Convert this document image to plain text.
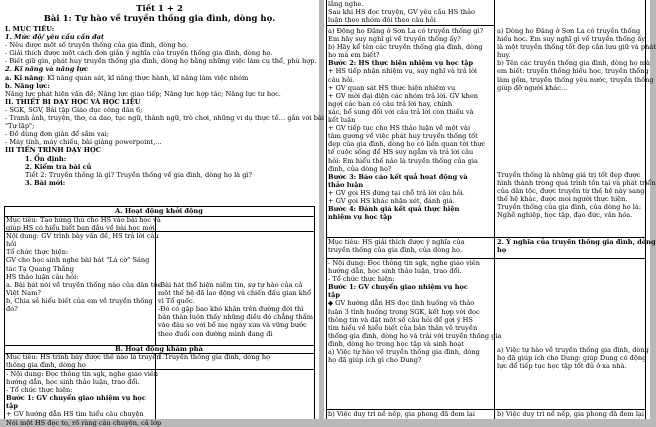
Tiết 1 + 2
Bài 1: Tự hào về truyền thống gia đình, dòng họ.
I. MỤC TIÊU:
1. Mức độ/ yêu cầu cần đạt
- Nêu được một số truyền thống của gia đình, dòng họ.
- Giải thích được một cách đơn giản ý nghĩa của truyền thống gia đình, dòng họ.
- Biết giữ gìn, phát huy truyền thống gia đình, dòng họ bằng những việc làm cụ thể, phù hợp.
2. Kĩ năng và năng lực
a. Kĩ năng: Kĩ năng quan sát, kĩ năng thực hành, kĩ năng làm việc nhóm
b. Năng lực:
Năng lực phát hiện vấn đề; Năng lực giao tiếp; Năng lực hợp tác; Năng lực tư học.
II. THIẾT BỊ DẠY HỌC VÀ HỌC LIỆU
- SGK, SGV, Bài tập Giáo dục công dân 6;
- Tranh ảnh, truyện, thơ, ca dao, tục ngữ, thành ngữ, trò chơi, những vi dụ thực tế… gắn với bài
"Tự lập";
- Đồ dùng đơn giản để sắm vai;
- Máy tính, máy chiếu, bài giảng powerpoint,…
III TIẾN TRÌNH DẠY HỌC
1. Ổn định:
2. Kiểm tra bài cũ
Tiết 2: Truyền thống là gì? Truyền thống về gia đình, dòng họ là gì?
3. Bài mới:
A. Hoạt động khởi động
Mục tiêu: Tạo hứng thú cho HS vào bài học và
giúp HS có hiểu biết ban đầu về bài học mới.
Nội dung: GV trình bày vấn đề, HS trả lời câu
hỏi
Tổ chức thực hiện:
GV cho học sinh nghe bài hát "Lá cờ" Sáng
tác Tạ Quang Thắng
HS thảo luận câu hỏi:
a. Bài hát nói về truyền thống nào của dân tộc
Việt Nam?
b, Chia sẻ hiểu biết của em về truyền thống
đó?
-Bài hát thể hiện niềm tin, sự tự hào của cả
một thế hệ đã lao động và chiến đấu gian khổ
vì Tổ quốc.
-Đó có gặp bao khó khăn trên đường đời thì
bản thân luôn thấy những điều đó chẳng thấm
vào đâu so với bố mẹ ngày xưa và vững bước
theo đuổi con đường mình đang đi
B. Hoạt động khám phá
Mục tiêu: HS trình bày được thế nào là truyền
thống gia đình, dòng họ
1.Truyền thống gia đình, dòng họ
- Nội dung: Đọc thông tin sgk, nghe giáo viên
hướng dẫn, học sinh thảo luận, trao đổi.
- Tổ chức thực hiện:
Bước 1: GV chuyển giao nhiệm vụ học
tập
+ GV hướng dẫn HS tìm hiểu câu chuyện
Nói một HS đọc to, rõ ràng câu chuyện, cả lớp
lắng nghe.
Sau khi HS đọc truyện, GV yêu cầu HS thảo
luận theo nhóm đôi theo câu hỏi
a) Động họ Đặng ở Sơn La có truyền thống gì?
Em hãy suy nghĩ gì về truyền thống ấy?
b) Hãy kể tên các truyền thống gia đình, dòng
họ mà em biết?
Bước 2: HS thực hiện nhiệm vụ học tập
+ HS tiếp nhận nhiệm vụ, suy nghĩ và trả lời
câu hỏi.
+ GV quan sát HS thực hiện nhiệm vụ
+ GV mời đại diện các nhóm trả lời. GV khen
ngợi các bạn có câu trả lời hay, chính
xác, bổ sung đối với câu trả lời còn thiếu và
kết luận
+ GV tiếp tục cho HS thảo luận về một vài
tâm gương về việc phát huy truyền thống tốt
đẹp của gia đình, dòng họ có liên quan tới thực
tế cuộc sống để HS suy ngẫm và trả lời câu
hỏi: Em hiểu thế nào là truyền thống của gia
đình, của dòng họ?
Bước 3: Báo cáo kết quả hoạt động và
thảo luận
+ GV gọi HS đứng tại chỗ trả lời câu hỏi.
+ GV gọi HS khác nhận xét, đánh giá.
Bước 4: Đánh giá kết quả thực hiện
nhiệm vụ học tập
a) Dòng họ Đặng ở Sơn La có truyền thống
hiếu học. Em suy nghĩ gì về truyền thống ấy
là một truyền thống tốt đẹp cần lưu giữ và phát
huy.
b) Tên các truyền thống gia đình, dòng họ mà
em biết: truyền thống hiếu học, truyền thống
làm gốm, truyền thống yêu nước, truyền thống
giúp đỡ người khác…
Truyền thống là những giá trị tốt đẹp được
hình thành trong quá trình tồn tại và phát triển
của dân tộc, được truyền từ thế hệ này sang
thế hệ khác, được mọi người thực hiện.
Truyền thống của gia đình, của dòng họ là:
Nghề nghiệp, học tập, đạo đức, văn hóa.
Mục tiêu: HS giải thích được ý nghĩa của
truyền thống của gia đình, của dòng họ.
2. Ý nghĩa của truyền thống gia đình, dòng
họ
- Nội dung: Đọc thông tin sgk, nghe giáo viên
hướng dẫn, học sinh thảo luận, trao đổi.
- Tổ chức thực hiện:
Bước 1: GV chuyển giao nhiệm vụ học
tập
◆ GV hướng dẫn HS đọc tình huống và thảo
luận 3 tình huống trong SGK, kết hợp với đọc
thông tin và đặt một số câu hỏi để gợi ý HS
tìm hiểu về hiểu biết của bản thân về truyền
thống gia đình, dòng họ và trải với truyền thống gia
đình, dòng họ trong học tập và sinh hoạt
a) Việc tự hào về truyền thống gia đình, dòng
họ đã giúp ích gì cho Dung?
a) Việc tự hào về truyền thống gia đình, dòng
họ đã giúp ích cho Dung: giúp Dung có động
lực để tiếp tục học tập tốt đủ ở xa nhà.
b) Việc duy trì nề nếp, gia phong đã đem lại	b) Việc duy trì nề nếp, gia phong đã đem lại
